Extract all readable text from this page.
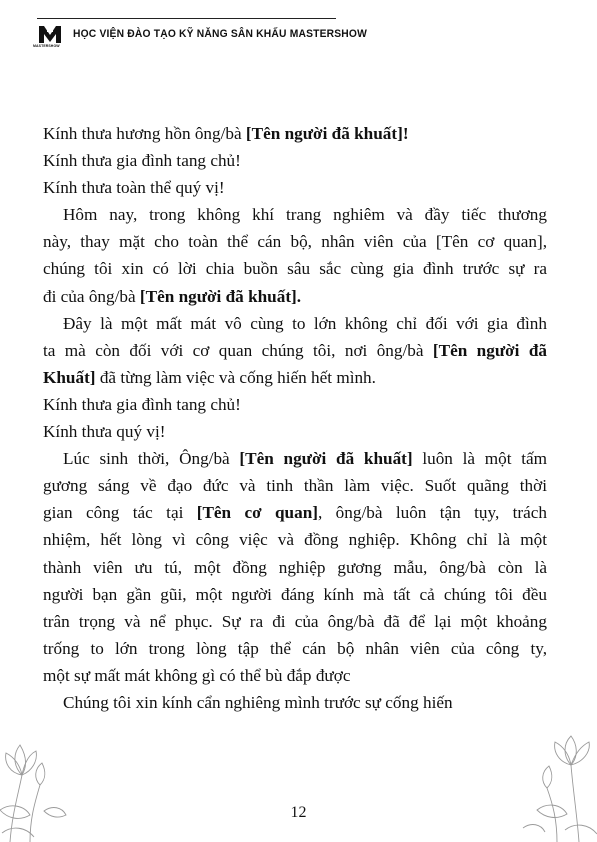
MASTERSHOW
HỌC VIỆN ĐÀO TẠO KỸ NĂNG SÂN KHẤU MASTERSHOW
Kính thưa hương hồn ông/bà [Tên người đã khuất]!
Kính thưa gia đình tang chủ!
Kính thưa toàn thể quý vị!
Hôm nay, trong không khí trang nghiêm và đầy tiếc thương
này, thay mặt cho toàn thể cán bộ, nhân viên của [Tên cơ quan],
chúng tôi xin có lời chia buồn sâu sắc cùng gia đình trước sự ra
đi của ông/bà [Tên người đã khuất].
Đây là một mất mát vô cùng to lớn không chỉ đối với gia đình
ta mà còn đối với cơ quan chúng tôi, nơi ông/bà [Tên người đã
Khuất] đã từng làm việc và cống hiến hết mình.
Kính thưa gia đình tang chủ!
Kính thưa quý vị!
Lúc sinh thời, Ông/bà [Tên người đã khuất] luôn là một tấm
gương sáng về đạo đức và tinh thần làm việc. Suốt quãng thời
gian công tác tại [Tên cơ quan], ông/bà luôn tận tụy, trách
nhiệm, hết lòng vì công việc và đồng nghiệp. Không chỉ là một
thành viên ưu tú, một đồng nghiệp gương mẫu, ông/bà còn là
người bạn gần gũi, một người đáng kính mà tất cả chúng tôi đều
trân trọng và nể phục. Sự ra đi của ông/bà đã để lại một khoảng
trống to lớn trong lòng tập thể cán bộ nhân viên của công ty,
một sự mất mát không gì có thể bù đắp được
Chúng tôi xin kính cẩn nghiêng mình trước sự cống hiến
12
